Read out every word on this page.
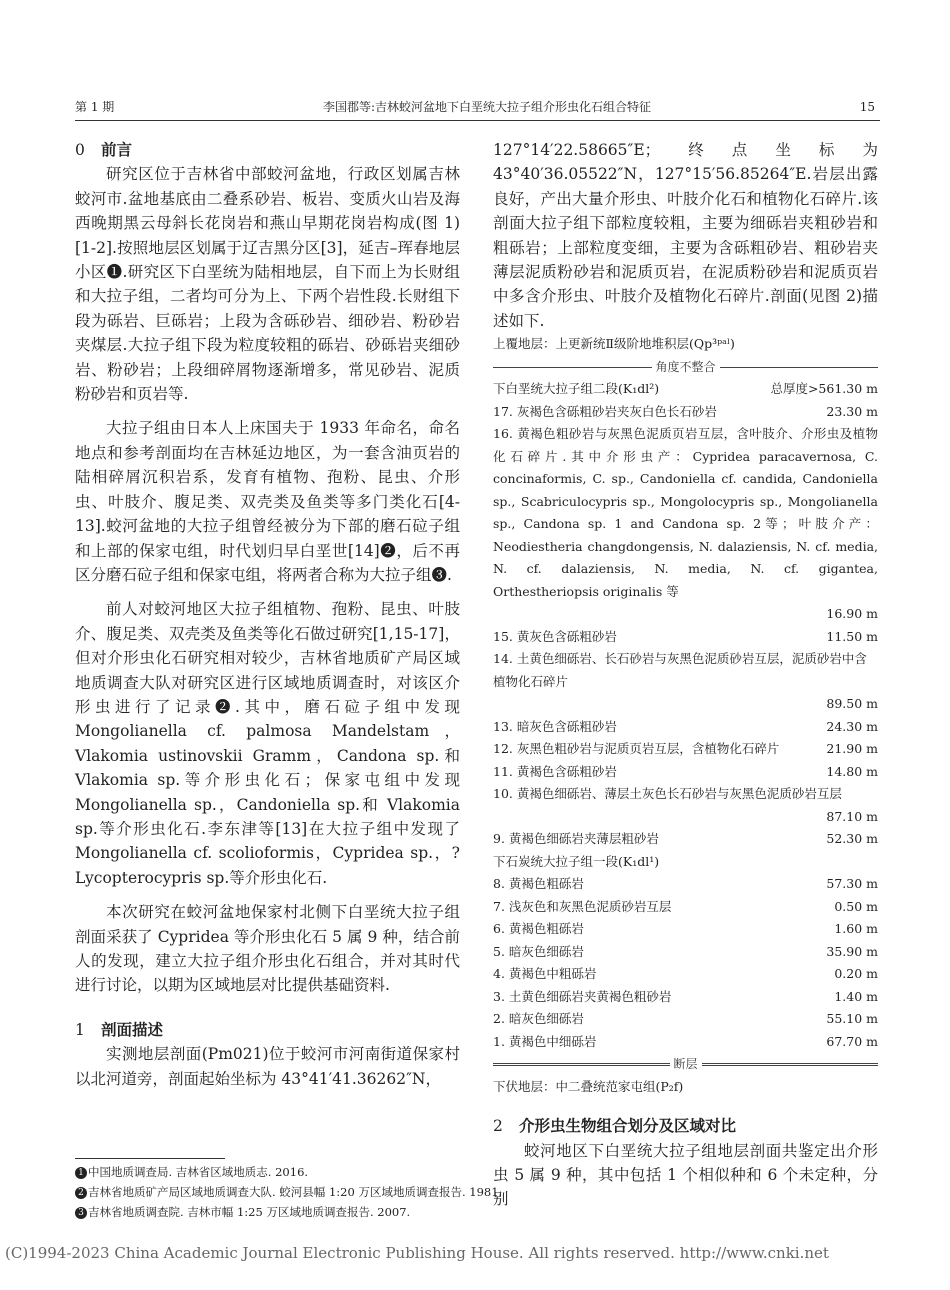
第 1 期	李国郡等:吉林蛟河盆地下白垩统大拉子组介形虫化石组合特征	15
0 前言

研究区位于吉林省中部蛟河盆地，行政区划属吉林蛟河市.盆地基底由二叠系砂岩、板岩、变质火山岩及海西晚期黑云母斜长花岗岩和燕山早期花岗岩构成(图 1)[1-2].按照地层区划属于辽吉黑分区[3]，延吉–珲春地层小区❶.研究区下白垩统为陆相地层，自下而上为长财组和大拉子组，二者均可分为上、下两个岩性段.长财组下段为砾岩、巨砾岩；上段为含砾砂岩、细砂岩、粉砂岩夹煤层.大拉子组下段为粒度较粗的砾岩、砂砾岩夹细砂岩、粉砂岩；上段细碎屑物逐渐增多，常见砂岩、泥质粉砂岩和页岩等.

大拉子组由日本人上床国夫于 1933 年命名，命名地点和参考剖面均在吉林延边地区，为一套含油页岩的陆相碎屑沉积岩系，发育有植物、孢粉、昆虫、介形虫、叶肢介、腹足类、双壳类及鱼类等多门类化石[4-13].蛟河盆地的大拉子组曾经被分为下部的磨石砬子组和上部的保家屯组，时代划归早白垩世[14]❷，后不再区分磨石砬子组和保家屯组，将两者合称为大拉子组❸.

前人对蛟河地区大拉子组植物、孢粉、昆虫、叶肢介、腹足类、双壳类及鱼类等化石做过研究[1,15-17]，但对介形虫化石研究相对较少，吉林省地质矿产局区域地质调查大队对研究区进行区域地质调查时，对该区介形虫进行了记录❷.其中，磨石砬子组中发现 Mongolianella cf. palmosa Mandelstam，Vlakomia ustinovskii Gramm，Candona sp.和 Vlakomia sp.等介形虫化石；保家屯组中发现 Mongolianella sp.，Candoniella sp.和 Vlakomia sp.等介形虫化石.李东津等[13]在大拉子组中发现了 Mongolianella cf. scolioformis，Cypridea sp.，?Lycopterocypris sp.等介形虫化石.

本次研究在蛟河盆地保家村北侧下白垩统大拉子组剖面采获了 Cypridea 等介形虫化石 5 属 9 种，结合前人的发现，建立大拉子组介形虫化石组合，并对其时代进行讨论，以期为区域地层对比提供基础资料.

1 剖面描述

实测地层剖面(Pm021)位于蛟河市河南街道保家村以北河道旁，剖面起始坐标为 43°41′41.36262″N，

127°14′22.58665″E；终点坐标为 43°40′36.05522″N，127°15′56.85264″E.岩层出露良好，产出大量介形虫、叶肢介化石和植物化石碎片.该剖面大拉子组下部粒度较粗，主要为细砾岩夹粗砂岩和粗砾岩；上部粒度变细，主要为含砾粗砂岩、粗砂岩夹薄层泥质粉砂岩和泥质页岩，在泥质粉砂岩和泥质页岩中多含介形虫、叶肢介及植物化石碎片.剖面(见图 2)描述如下.

上覆地层：上更新统Ⅱ级阶地堆积层(Qp³ᵖᵃˡ)
角度不整合
下白垩统大拉子组二段(K₁dl²)	总厚度>561.30 m
17. 灰褐色含砾粗砂岩夹灰白色长石砂岩	23.30 m
16. 黄褐色粗砂岩与灰黑色泥质页岩互层，含叶肢介、介形虫及植物化石碎片.其中介形虫产：Cypridea paracavernosa, C. concinaformis, C. sp., Candoniella cf. candida, Candoniella sp., Scabriculocypris sp., Mongolocypris sp., Mongolianella sp., Candona sp. 1 and Candona sp. 2等；叶肢介产：Neodiestheria changdongensis, N. dalaziensis, N. cf. media, N. cf. dalaziensis, N. media, N. cf. gigantea, Orthestheriopsis originalis 等
16.90 m
15. 黄灰色含砾粗砂岩	11.50 m
14. 土黄色细砾岩、长石砂岩与灰黑色泥质砂岩互层，泥质砂岩中含植物化石碎片
89.50 m
13. 暗灰色含砾粗砂岩	24.30 m
12. 灰黑色粗砂岩与泥质页岩互层，含植物化石碎片	21.90 m
11. 黄褐色含砾粗砂岩	14.80 m
10. 黄褐色细砾岩、薄层土灰色长石砂岩与灰黑色泥质砂岩互层
87.10 m
9. 黄褐色细砾岩夹薄层粗砂岩	52.30 m
下石炭统大拉子组一段(K₁dl¹)
8. 黄褐色粗砾岩	57.30 m
7. 浅灰色和灰黑色泥质砂岩互层	0.50 m
6. 黄褐色粗砾岩	1.60 m
5. 暗灰色细砾岩	35.90 m
4. 黄褐色中粗砾岩	0.20 m
3. 土黄色细砾岩夹黄褐色粗砂岩	1.40 m
2. 暗灰色细砾岩	55.10 m
1. 黄褐色中细砾岩	67.70 m
断层
下伏地层：中二叠统范家屯组(P₂f)
2 介形虫生物组合划分及区域对比

蛟河地区下白垩统大拉子组地层剖面共鉴定出介形虫 5 属 9 种，其中包括 1 个相似种和 6 个未定种，分别

1 中国地质调查局. 吉林省区域地质志. 2016.
2 吉林省地质矿产局区域地质调查大队. 蛟河县幅 1:20 万区域地质调查报告. 1981.
3 吉林省地质调查院. 吉林市幅 1:25 万区域地质调查报告. 2007.
(C)1994-2023 China Academic Journal Electronic Publishing House. All rights reserved. http://www.cnki.net
